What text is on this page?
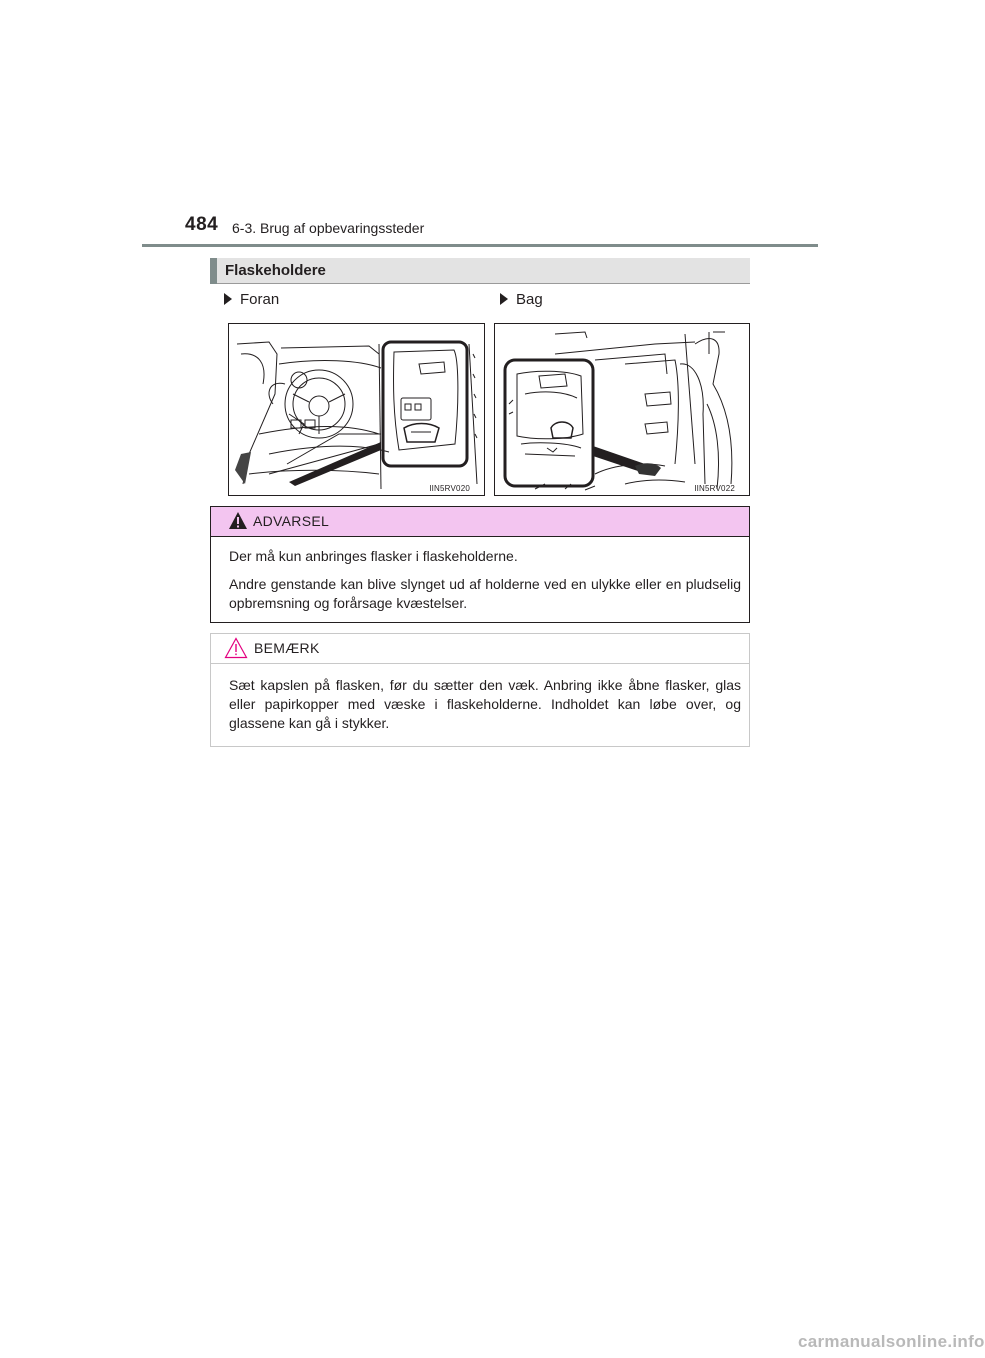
484 6-3. Brug af opbevaringssteder
Flaskeholdere
Foran	Bag
IIN5RV020	IIN5RV022
ADVARSEL

Der må kun anbringes flasker i flaskeholderne.

Andre genstande kan blive slynget ud af holderne ved en ulykke eller en pludselig opbremsning og forårsage kvæstelser.

BEMÆRK

Sæt kapslen på flasken, før du sætter den væk. Anbring ikke åbne flasker, glas eller papirkopper med væske i flaskeholderne. Indholdet kan løbe over, og glassene kan gå i stykker.

carmanualsonline.info
